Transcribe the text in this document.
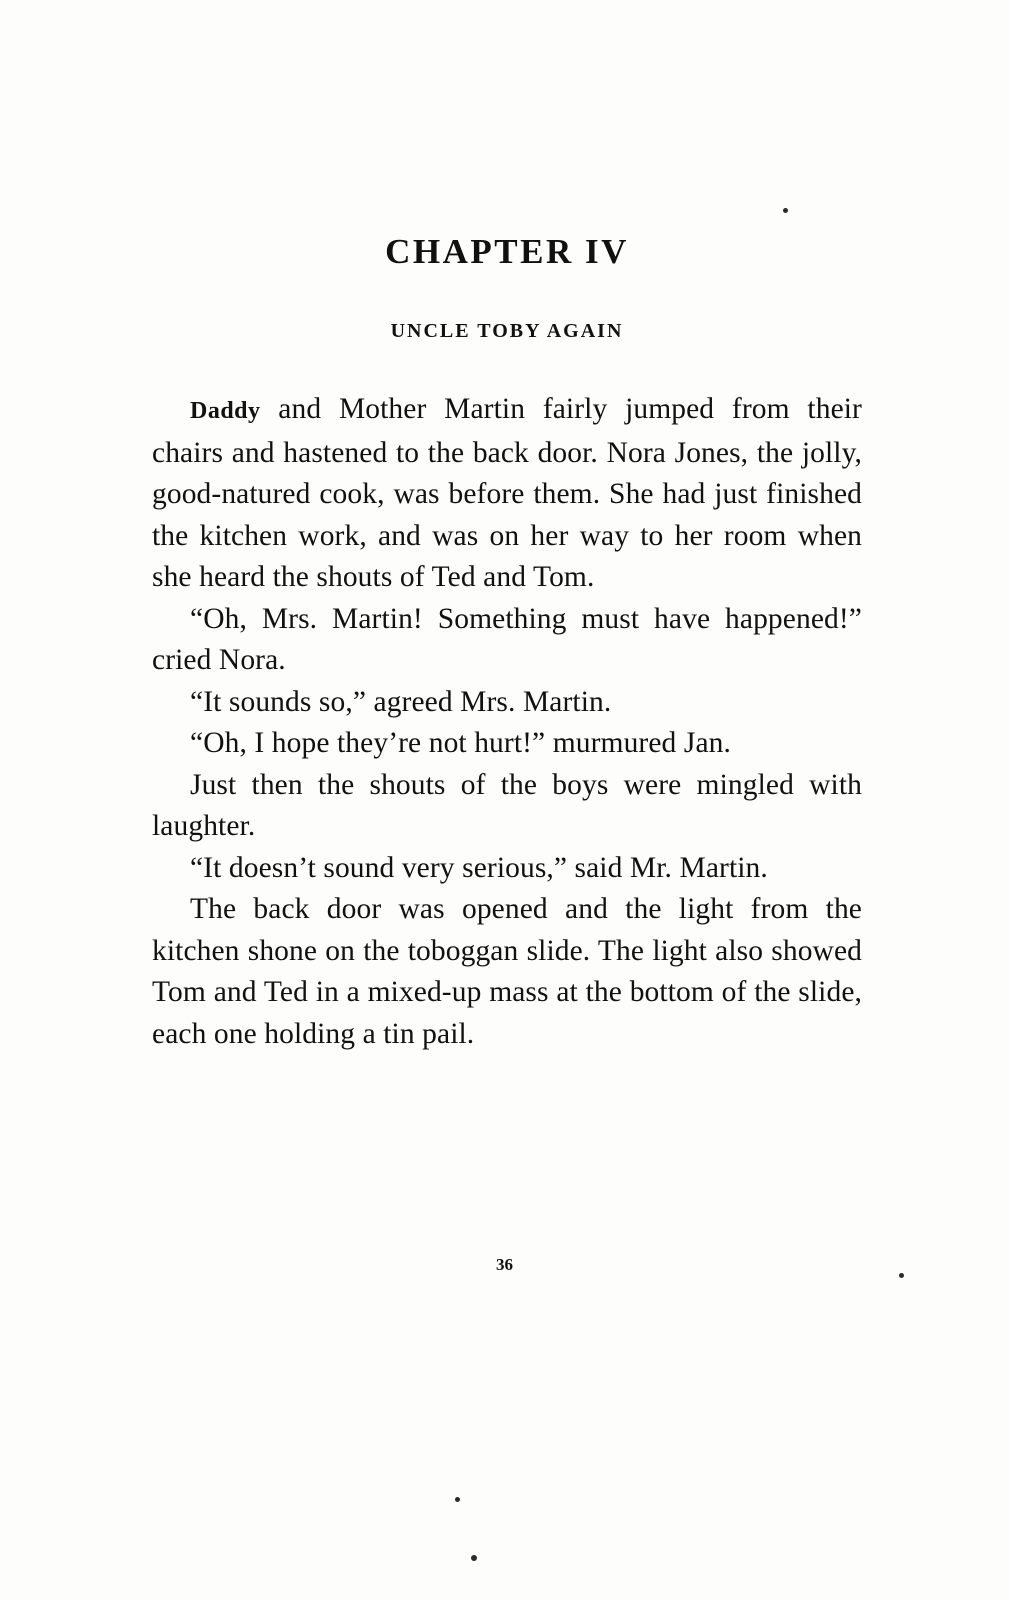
CHAPTER IV
UNCLE TOBY AGAIN

Daddy and Mother Martin fairly jumped from their chairs and hastened to the back door. Nora Jones, the jolly, good-natured cook, was before them. She had just finished the kitchen work, and was on her way to her room when she heard the shouts of Ted and Tom.

“Oh, Mrs. Martin! Something must have happened!” cried Nora.

“It sounds so,” agreed Mrs. Martin.

“Oh, I hope they’re not hurt!” murmured Jan.

Just then the shouts of the boys were mingled with laughter.

“It doesn’t sound very serious,” said Mr. Martin.

The back door was opened and the light from the kitchen shone on the toboggan slide. The light also showed Tom and Ted in a mixed-up mass at the bottom of the slide, each one holding a tin pail.

36
